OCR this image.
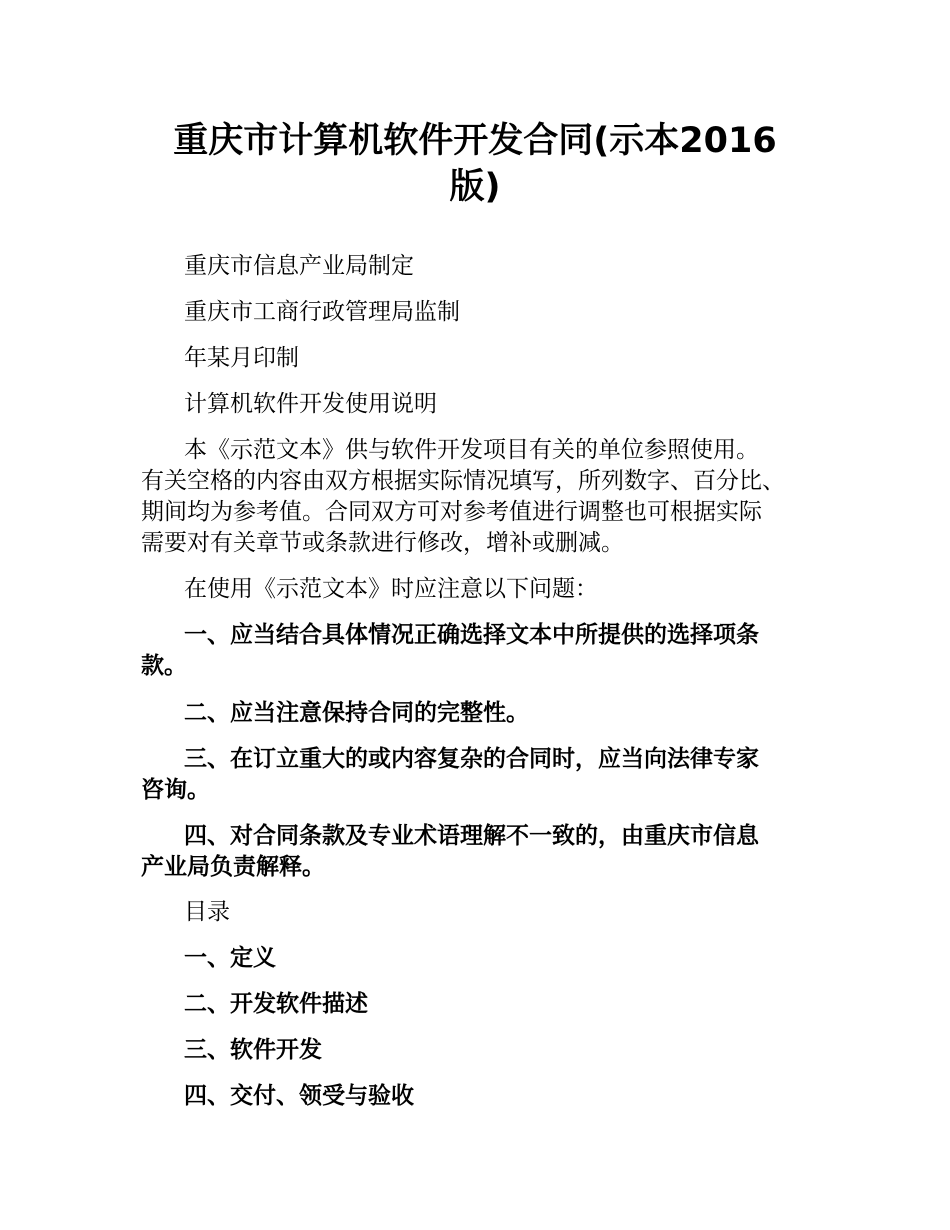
重庆市计算机软件开发合同(示本2016
版)

重庆市信息产业局制定

重庆市工商行政管理局监制

年某月印制

计算机软件开发使用说明

本《示范文本》供与软件开发项目有关的单位参照使用。

有关空格的内容由双方根据实际情况填写，所列数字、百分比、

期间均为参考值。合同双方可对参考值进行调整也可根据实际

需要对有关章节或条款进行修改，增补或删减。

在使用《示范文本》时应注意以下问题：

一、应当结合具体情况正确选择文本中所提供的选择项条

款。

二、应当注意保持合同的完整性。

三、在订立重大的或内容复杂的合同时，应当向法律专家

咨询。

四、对合同条款及专业术语理解不一致的，由重庆市信息

产业局负责解释。

目录

一、定义

二、开发软件描述

三、软件开发

四、交付、领受与验收
